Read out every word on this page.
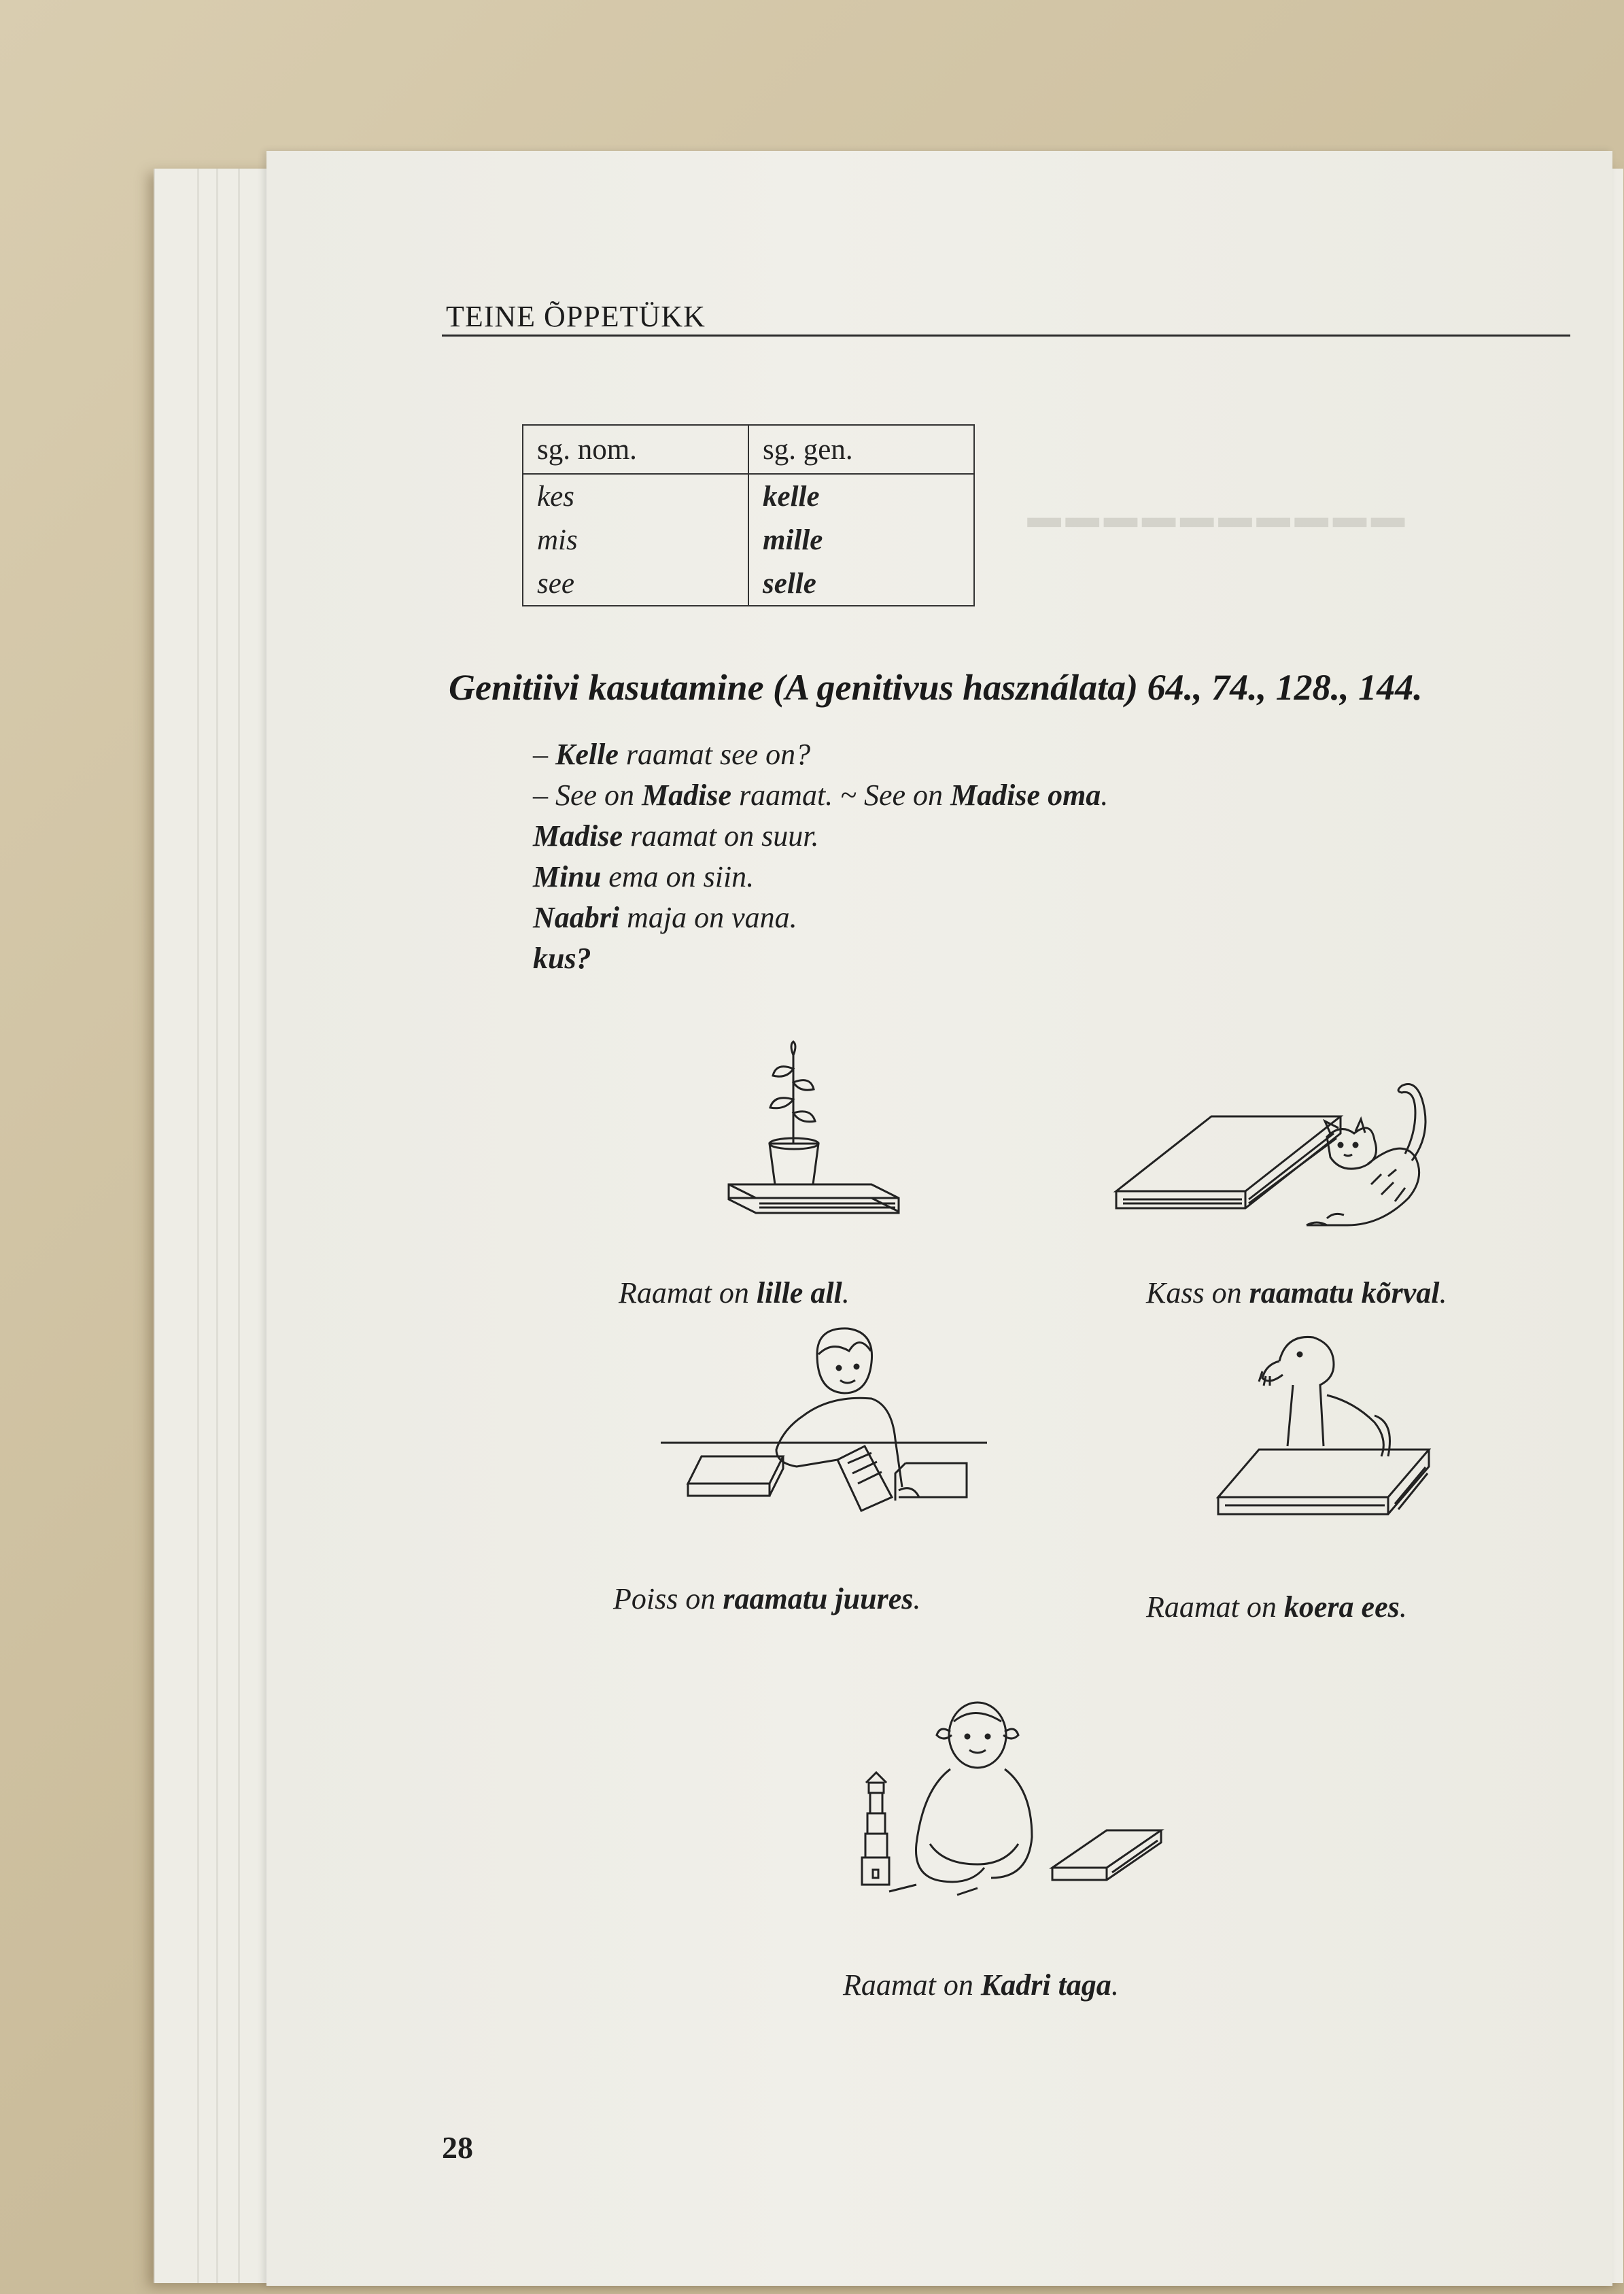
━━━━━━━━━━
TEINE ÕPPETÜKK
sg. nom.	sg. gen.
kes	kelle
mis	mille
see	selle
Genitiivi kasutamine (A genitivus használata) 64., 74., 128., 144.
– Kelle raamat see on?
– See on Madise raamat. ~ See on Madise oma.
Madise raamat on suur.
Minu ema on siin.
Naabri maja on vana.
kus?
Raamat on lille all.	Kass on raamatu kõrval.
Poiss on raamatu juures.	Raamat on koera ees.
Raamat on Kadri taga.
28
